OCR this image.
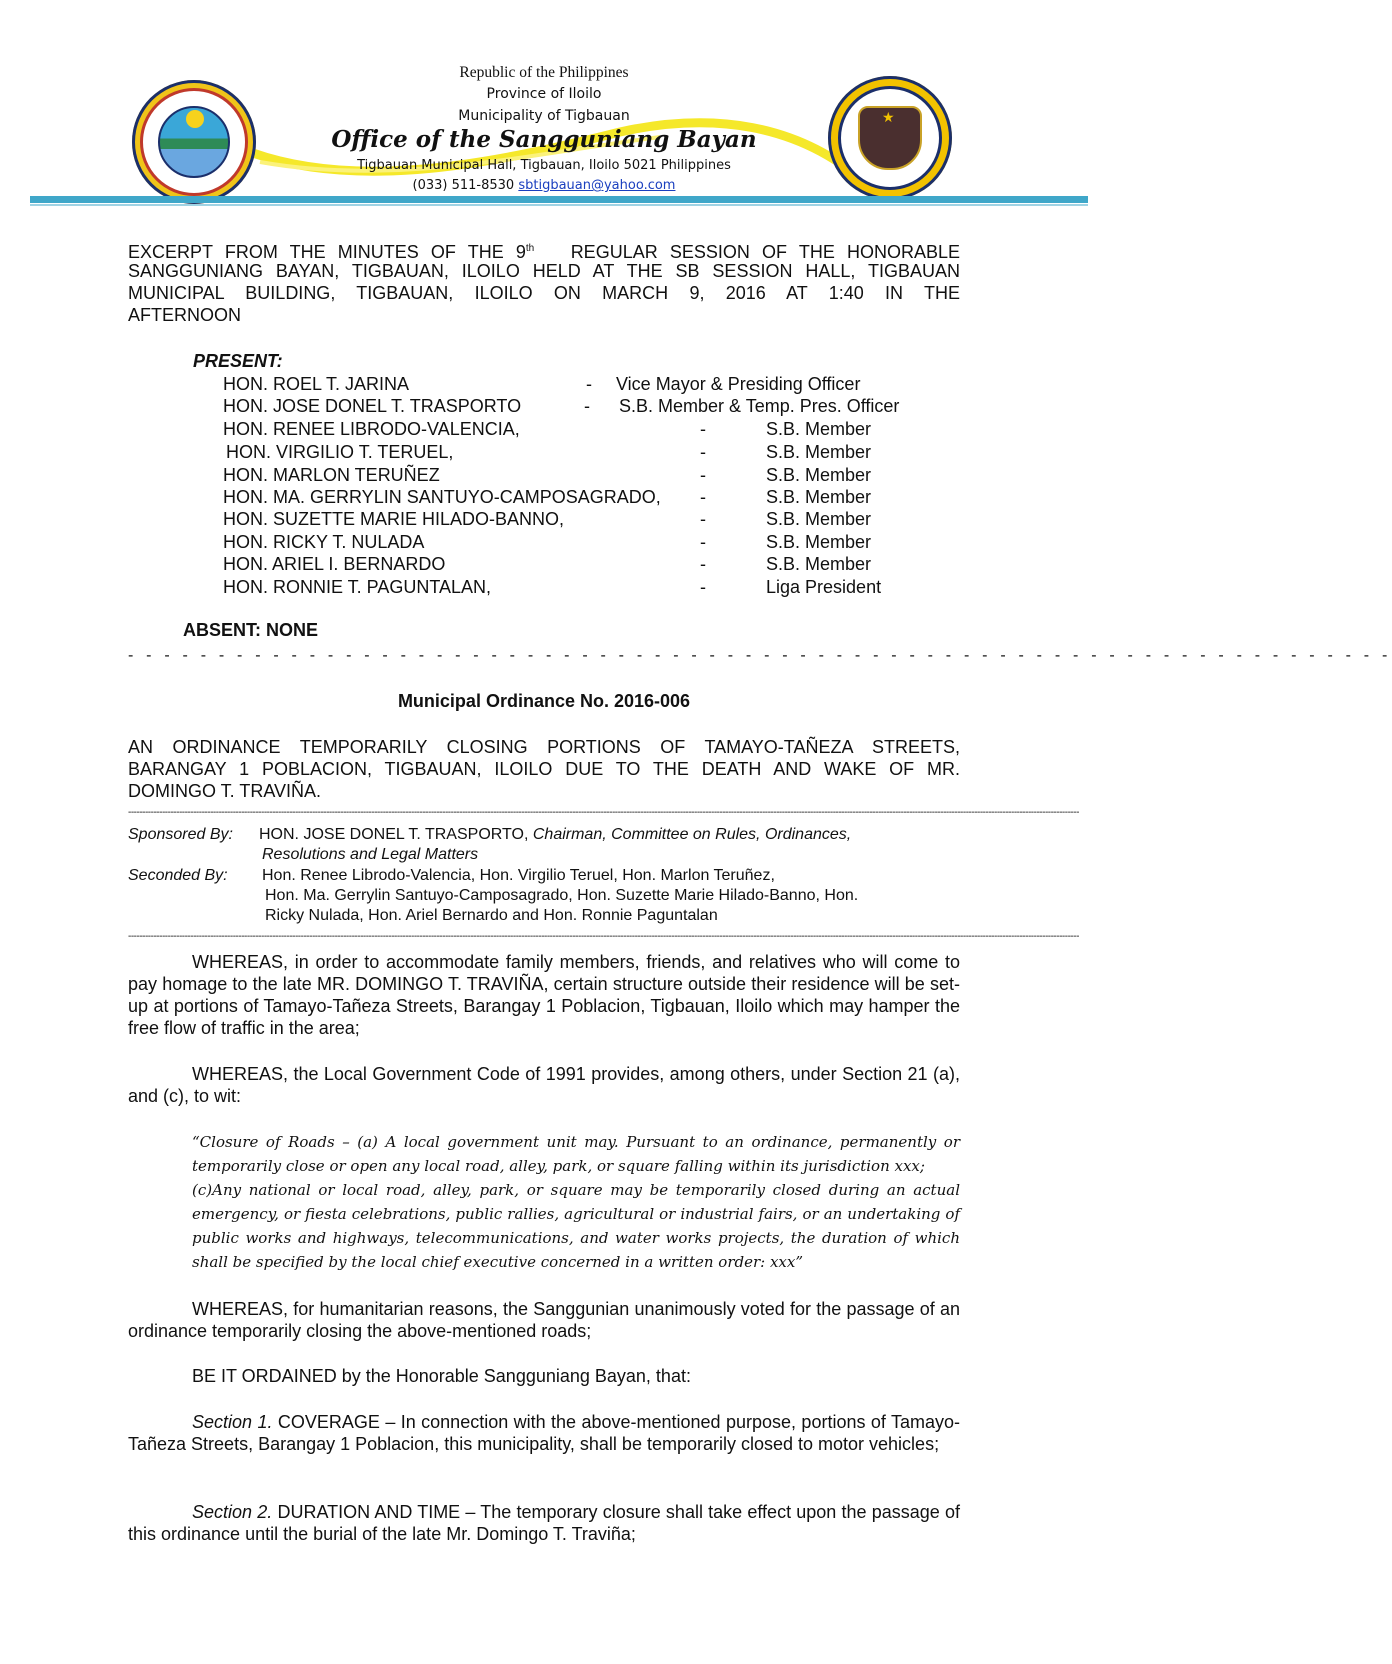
★
Republic of the Philippines
Province of Iloilo
Municipality of Tigbauan
Office of the Sangguniang Bayan
Tigbauan Municipal Hall, Tigbauan, Iloilo 5021 Philippines
(033) 511-8530 sbtigbauan@yahoo.com
EXCERPT FROM THE MINUTES OF THE 9th REGULAR SESSION OF THE HONORABLE
SANGGUNIANG BAYAN, TIGBAUAN, ILOILO HELD AT THE SB SESSION HALL, TIGBAUAN
MUNICIPAL BUILDING, TIGBAUAN, ILOILO ON MARCH 9, 2016 AT 1:40 IN THE
AFTERNOON
PRESENT:
HON. ROEL T. JARINA	- Vice Mayor & Presiding Officer
HON. JOSE DONEL T. TRASPORTO	- S.B. Member & Temp. Pres. Officer
HON. RENEE LIBRODO-VALENCIA,	-	S.B. Member
HON. VIRGILIO T. TERUEL,	-	S.B. Member
HON. MARLON TERUÑEZ	-	S.B. Member
HON. MA. GERRYLIN SANTUYO-CAMPOSAGRADO, -	S.B. Member
HON. SUZETTE MARIE HILADO-BANNO,	-	S.B. Member
HON. RICKY T. NULADA	-	S.B. Member
HON. ARIEL I. BERNARDO	-	S.B. Member
HON. RONNIE T. PAGUNTALAN,	-	Liga President
ABSENT: NONE
- - - - - - - - - - - - - - - - - - - - - - - - - - - - - - - - - - - - - - - - - - - - - - - - - - - - - - - - - - - - - - - - - - - - - -
Municipal Ordinance No. 2016-006
AN ORDINANCE TEMPORARILY CLOSING PORTIONS OF TAMAYO-TAÑEZA STREETS,
BARANGAY 1 POBLACION, TIGBAUAN, ILOILO DUE TO THE DEATH AND WAKE OF MR.
DOMINGO T. TRAVIÑA.
------------------------------------------------------------------------------------------------------------------------------------------------------------------------------------------------------------------------------------------------------------------------------------------------------------------------------------------------
Sponsored By: HON. JOSE DONEL T. TRASPORTO, Chairman, Committee on Rules, Ordinances,
Resolutions and Legal Matters
Seconded By: Hon. Renee Librodo-Valencia, Hon. Virgilio Teruel, Hon. Marlon Teruñez,
Hon. Ma. Gerrylin Santuyo-Camposagrado, Hon. Suzette Marie Hilado-Banno, Hon.
Ricky Nulada, Hon. Ariel Bernardo and Hon. Ronnie Paguntalan
------------------------------------------------------------------------------------------------------------------------------------------------------------------------------------------------------------------------------------------------------------------------------------------------------------------------------------------------
WHEREAS, in order to accommodate family members, friends, and relatives who will come to pay homage to the late MR. DOMINGO T. TRAVIÑA, certain structure outside their residence will be set-up at portions of Tamayo-Tañeza Streets, Barangay 1 Poblacion, Tigbauan, Iloilo which may hamper the free flow of traffic in the area;
WHEREAS, the Local Government Code of 1991 provides, among others, under Section 21 (a), and (c), to wit:
“Closure of Roads – (a) A local government unit may. Pursuant to an ordinance, permanently or temporarily close or open any local road, alley, park, or square falling within its jurisdiction xxx;
(c)Any national or local road, alley, park, or square may be temporarily closed during an actual emergency, or fiesta celebrations, public rallies, agricultural or industrial fairs, or an undertaking of public works and highways, telecommunications, and water works projects, the duration of which shall be specified by the local chief executive concerned in a written order: xxx”
WHEREAS, for humanitarian reasons, the Sanggunian unanimously voted for the passage of an ordinance temporarily closing the above-mentioned roads;
BE IT ORDAINED by the Honorable Sangguniang Bayan, that:
Section 1. COVERAGE – In connection with the above-mentioned purpose, portions of Tamayo-Tañeza Streets, Barangay 1 Poblacion, this municipality, shall be temporarily closed to motor vehicles;
Section 2. DURATION AND TIME – The temporary closure shall take effect upon the passage of this ordinance until the burial of the late Mr. Domingo T. Traviña;
